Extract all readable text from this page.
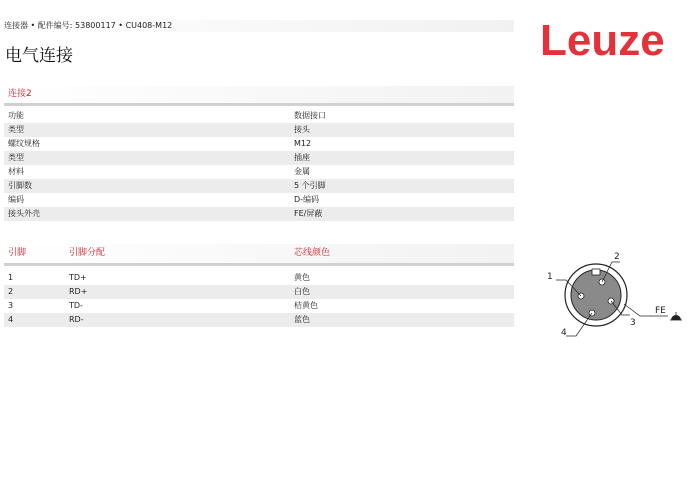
连接器 • 配件编号: 53800117 • CU408-M12
电气连接	Leuze
连接2
功能	数据接口
类型	接头
螺纹规格	M12
类型	插座
材料	金属
引脚数	5 个引脚
编码	D-编码
接头外壳	FE/屏蔽
引脚	引脚分配	芯线颜色
1	TD+	黄色
2	RD+	白色
3	TD-	桔黄色
4	RD-	蓝色
1
2
3
4
FE
